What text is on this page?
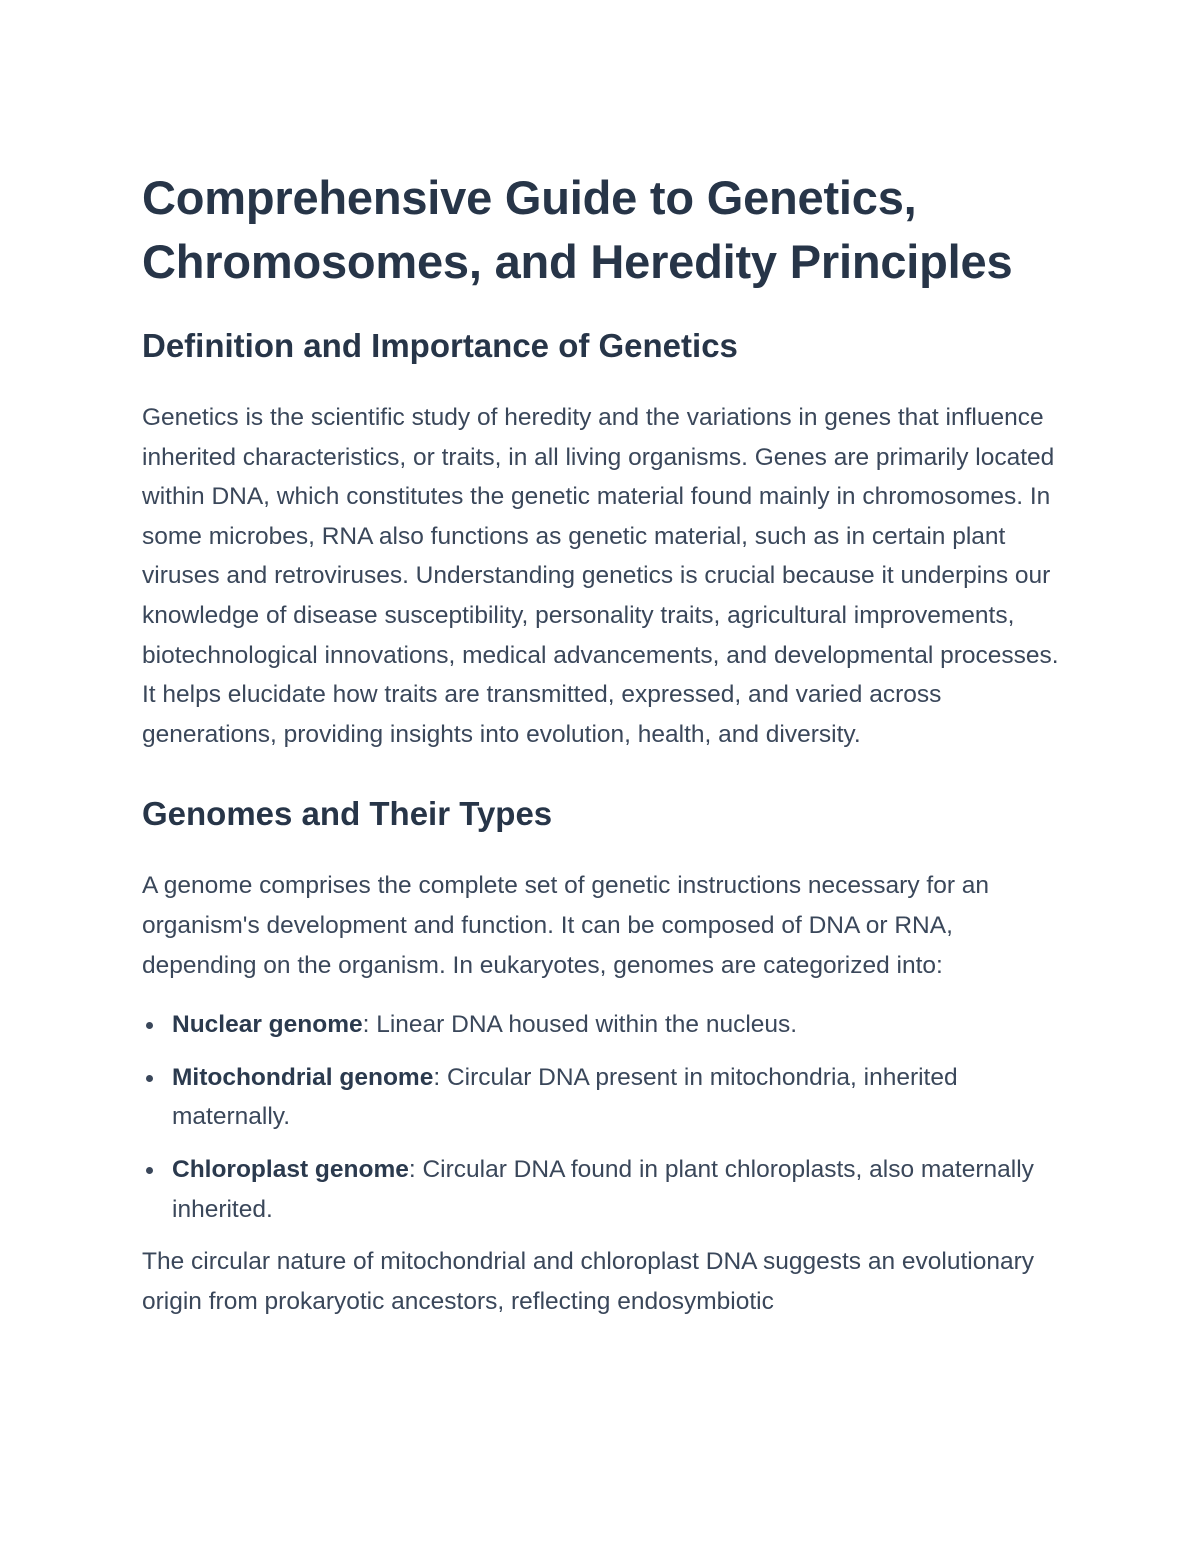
Comprehensive Guide to Genetics, Chromosomes, and Heredity Principles
Definition and Importance of Genetics

Genetics is the scientific study of heredity and the variations in genes that influence inherited characteristics, or traits, in all living organisms. Genes are primarily located within DNA, which constitutes the genetic material found mainly in chromosomes. In some microbes, RNA also functions as genetic material, such as in certain plant viruses and retroviruses. Understanding genetics is crucial because it underpins our knowledge of disease susceptibility, personality traits, agricultural improvements, biotechnological innovations, medical advancements, and developmental processes. It helps elucidate how traits are transmitted, expressed, and varied across generations, providing insights into evolution, health, and diversity.

Genomes and Their Types

A genome comprises the complete set of genetic instructions necessary for an organism's development and function. It can be composed of DNA or RNA, depending on the organism. In eukaryotes, genomes are categorized into:

Nuclear genome: Linear DNA housed within the nucleus.
Mitochondrial genome: Circular DNA present in mitochondria, inherited maternally.
Chloroplast genome: Circular DNA found in plant chloroplasts, also maternally inherited.

The circular nature of mitochondrial and chloroplast DNA suggests an evolutionary origin from prokaryotic ancestors, reflecting endosymbiotic
